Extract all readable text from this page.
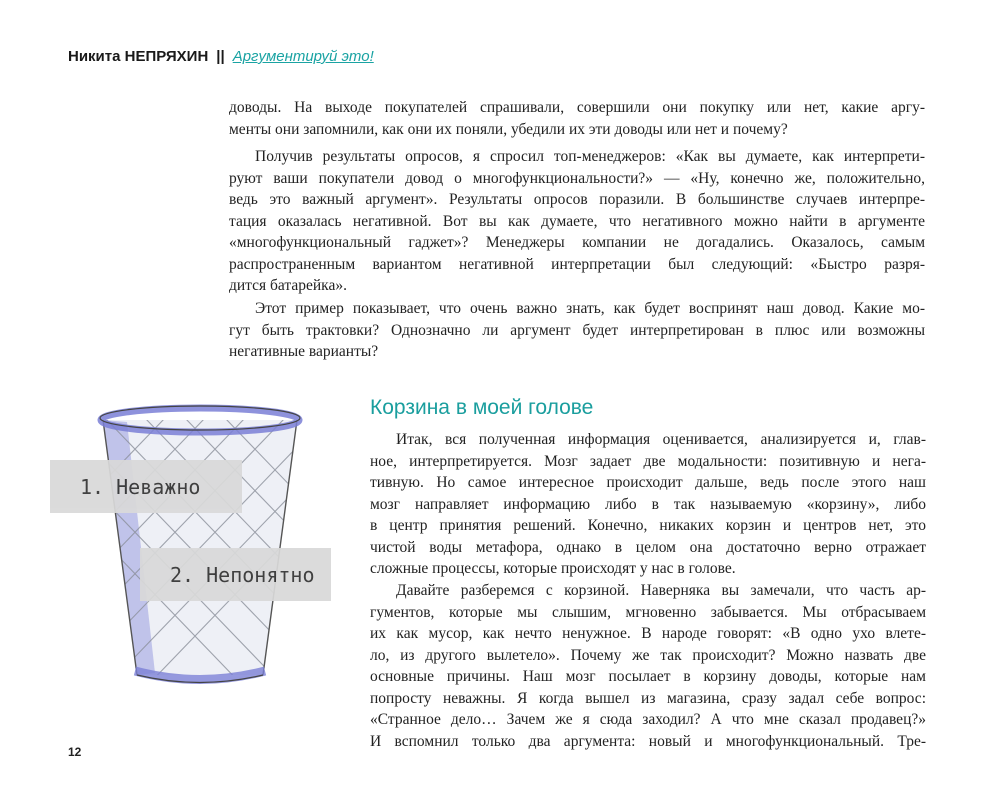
Никита НЕПРЯХИН || Аргументируй это!

доводы. На выходе покупателей спрашивали, совершили они покупку или нет, какие аргу-
менты они запомнили, как они их поняли, убедили их эти доводы или нет и почему?

Получив результаты опросов, я спросил топ-менеджеров: «Как вы думаете, как интерпрети-
руют ваши покупатели довод о многофункциональности?» — «Ну, конечно же, положительно,
ведь это важный аргумент». Результаты опросов поразили. В большинстве случаев интерпре-
тация оказалась негативной. Вот вы как думаете, что негативного можно найти в аргументе
«многофункциональный гаджет»? Менеджеры компании не догадались. Оказалось, самым
распространенным вариантом негативной интерпретации был следующий: «Быстро разря-
дится батарейка».

Этот пример показывает, что очень важно знать, как будет воспринят наш довод. Какие мо-
гут быть трактовки? Однозначно ли аргумент будет интерпретирован в плюс или возможны
негативные варианты?

1. Неважно
2. Непонятно
Корзина в моей голове

Итак, вся полученная информация оценивается, анализируется и, глав-
ное, интерпретируется. Мозг задает две модальности: позитивную и нега-
тивную. Но самое интересное происходит дальше, ведь после этого наш
мозг направляет информацию либо в так называемую «корзину», либо
в центр принятия решений. Конечно, никаких корзин и центров нет, это
чистой воды метафора, однако в целом она достаточно верно отражает
сложные процессы, которые происходят у нас в голове.

Давайте разберемся с корзиной. Наверняка вы замечали, что часть ар-
гументов, которые мы слышим, мгновенно забывается. Мы отбрасываем
их как мусор, как нечто ненужное. В народе говорят: «В одно ухо влете-
ло, из другого вылетело». Почему же так происходит? Можно назвать две
основные причины. Наш мозг посылает в корзину доводы, которые нам
попросту неважны. Я когда вышел из магазина, сразу задал себе вопрос:
«Странное дело… Зачем же я сюда заходил? А что мне сказал продавец?»
И вспомнил только два аргумента: новый и многофункциональный. Тре-

12
